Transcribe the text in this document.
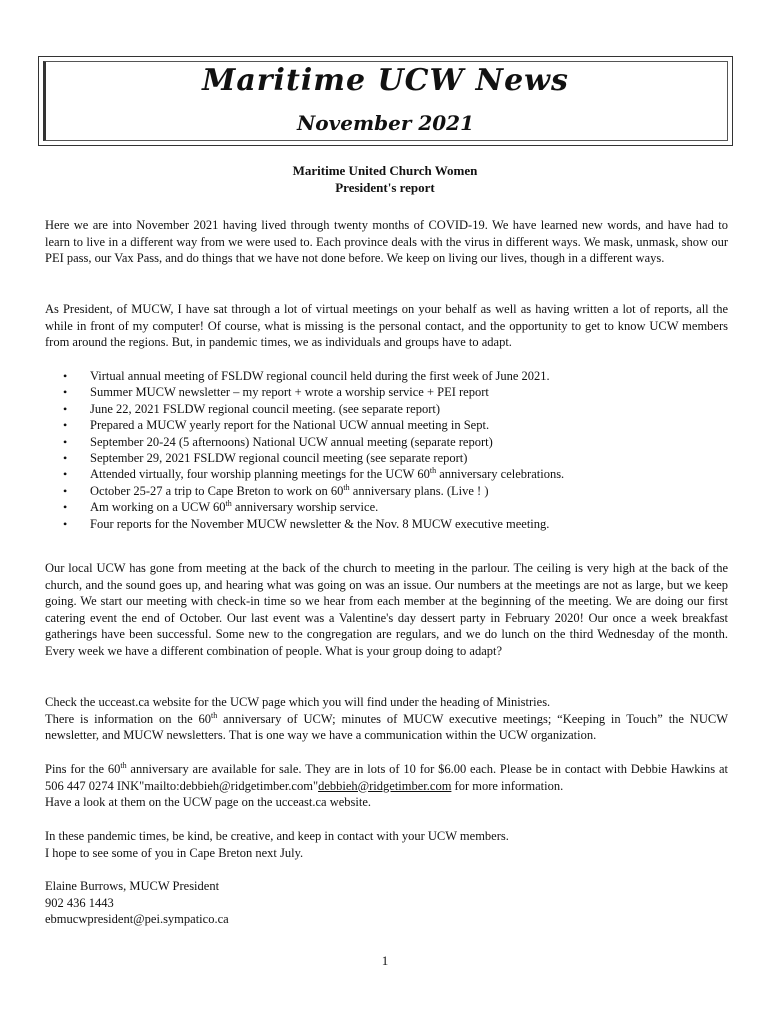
Maritime UCW News
November 2021
Maritime United Church Women
President's report

Here we are into November 2021 having lived through twenty months of COVID-19. We have learned new words, and have had to learn to live in a different way from we were used to. Each province deals with the virus in different ways. We mask, unmask, show our PEI pass, our Vax Pass, and do things that we have not done before. We keep on living our lives, though in a different ways.

As President, of MUCW, I have sat through a lot of virtual meetings on your behalf as well as having written a lot of reports, all the while in front of my computer! Of course, what is missing is the personal contact, and the opportunity to get to know UCW members from around the regions. But, in pandemic times, we as individuals and groups have to adapt.

• Virtual annual meeting of FSLDW regional council held during the first week of June 2021.
• Summer MUCW newsletter – my report + wrote a worship service + PEI report
• June 22, 2021 FSLDW regional council meeting. (see separate report)
• Prepared a MUCW yearly report for the National UCW annual meeting in Sept.
• September 20-24 (5 afternoons) National UCW annual meeting (separate report)
• September 29, 2021 FSLDW regional council meeting (see separate report)
• Attended virtually, four worship planning meetings for the UCW 60th anniversary celebrations.
• October 25-27 a trip to Cape Breton to work on 60th anniversary plans. (Live ! )
• Am working on a UCW 60th anniversary worship service.
• Four reports for the November MUCW newsletter & the Nov. 8 MUCW executive meeting.

Our local UCW has gone from meeting at the back of the church to meeting in the parlour. The ceiling is very high at the back of the church, and the sound goes up, and hearing what was going on was an issue. Our numbers at the meetings are not as large, but we keep going. We start our meeting with check-in time so we hear from each member at the beginning of the meeting. We are doing our first catering event the end of October. Our last event was a Valentine's day dessert party in February 2020! Our once a week breakfast gatherings have been successful. Some new to the congregation are regulars, and we do lunch on the third Wednesday of the month. Every week we have a different combination of people. What is your group doing to adapt?

Check the ucceast.ca website for the UCW page which you will find under the heading of Ministries.

There is information on the 60th anniversary of UCW; minutes of MUCW executive meetings; “Keeping in Touch” the NUCW newsletter, and MUCW newsletters. That is one way we have a communication within the UCW organization.

Pins for the 60th anniversary are available for sale. They are in lots of 10 for $6.00 each. Please be in contact with Debbie Hawkins at 506 447 0274 INK"mailto:debbieh@ridgetimber.com"debbieh@ridgetimber.com for more information.

Have a look at them on the UCW page on the ucceast.ca website.

In these pandemic times, be kind, be creative, and keep in contact with your UCW members.

I hope to see some of you in Cape Breton next July.

Elaine Burrows, MUCW President
902 436 1443
ebmucwpresident@pei.sympatico.ca
1
